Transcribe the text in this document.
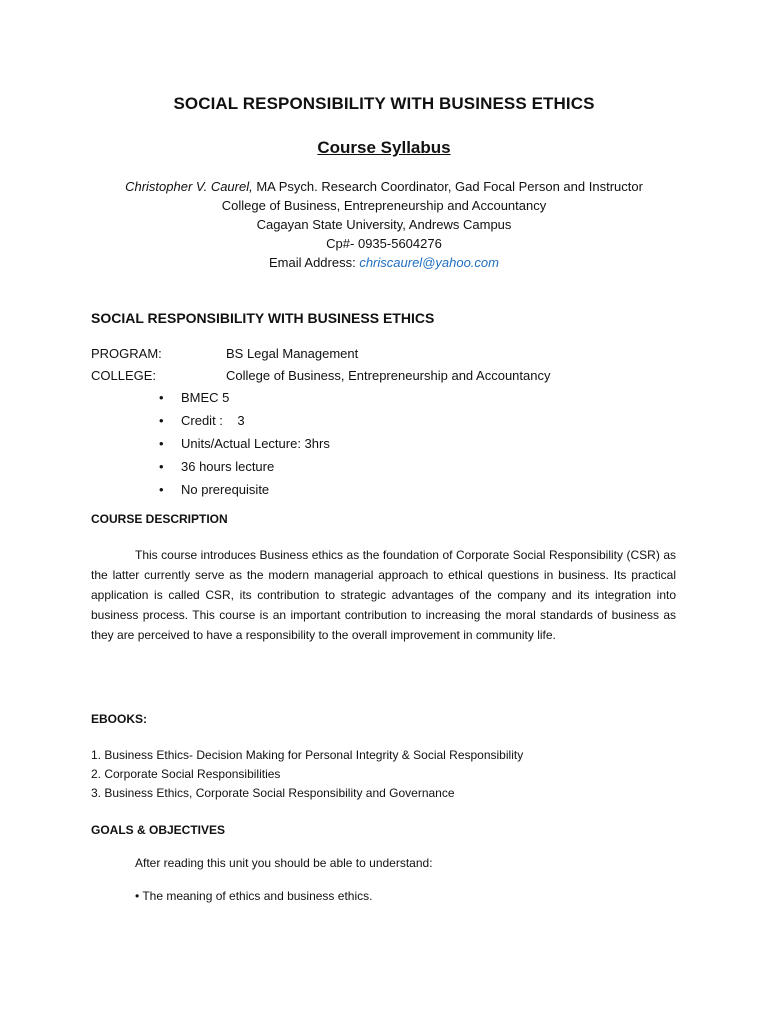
SOCIAL RESPONSIBILITY WITH BUSINESS ETHICS
Course Syllabus
Christopher V. Caurel, MA Psych. Research Coordinator, Gad Focal Person and Instructor
College of Business, Entrepreneurship and Accountancy
Cagayan State University, Andrews Campus
Cp#- 0935-5604276
Email Address: chriscaurel@yahoo.com
SOCIAL RESPONSIBILITY WITH BUSINESS ETHICS
PROGRAM:	BS Legal Management
COLLEGE:	College of Business, Entrepreneurship and Accountancy
• BMEC 5
• Credit :    3
• Units/Actual Lecture: 3hrs
• 36 hours lecture
• No prerequisite
COURSE DESCRIPTION

This course introduces Business ethics as the foundation of Corporate Social Responsibility (CSR) as the latter currently serve as the modern managerial approach to ethical questions in business. Its practical application is called CSR, its contribution to strategic advantages of the company and its integration into business process. This course is an important contribution to increasing the moral standards of business as they are perceived to have a responsibility to the overall improvement in community life.

EBOOKS:
1. Business Ethics- Decision Making for Personal Integrity & Social Responsibility
2. Corporate Social Responsibilities
3. Business Ethics, Corporate Social Responsibility and Governance
GOALS & OBJECTIVES
After reading this unit you should be able to understand:
• The meaning of ethics and business ethics.
